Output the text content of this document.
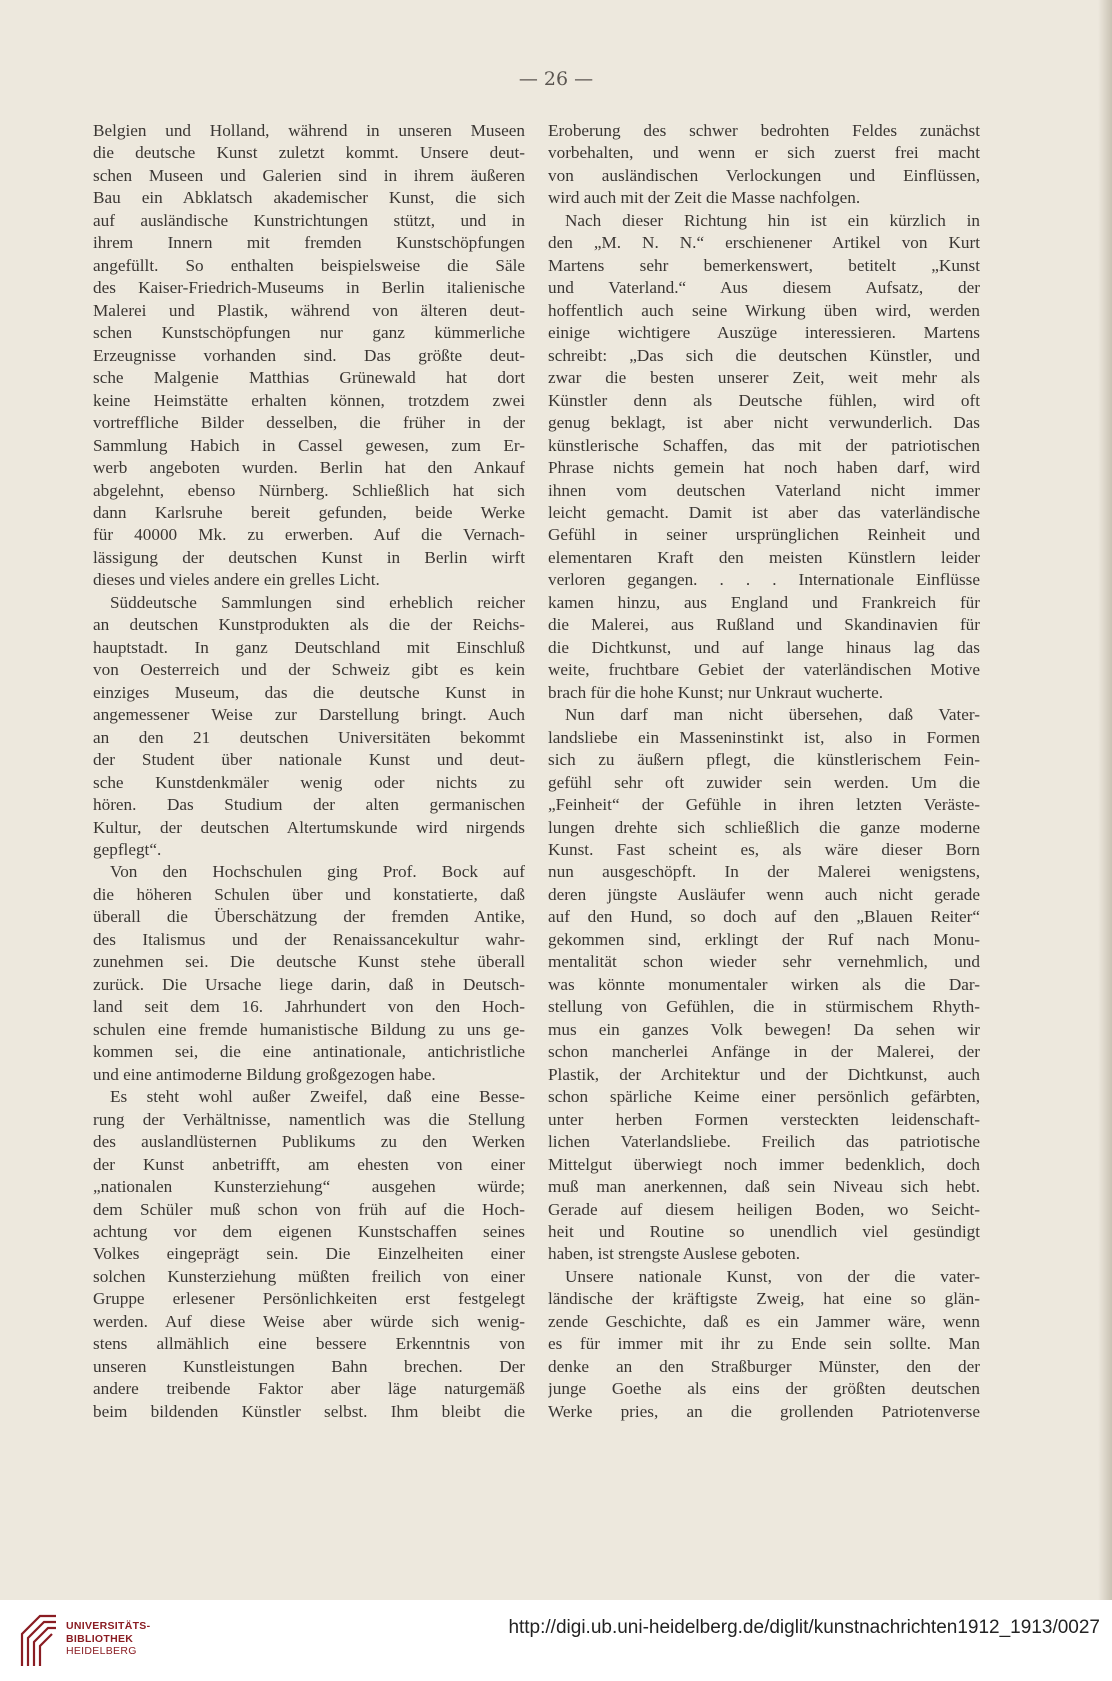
— 26 —
Belgien und Holland, während in unseren Museen
die deutsche Kunst zuletzt kommt. Unsere deut-
schen Museen und Galerien sind in ihrem äußeren
Bau ein Abklatsch akademischer Kunst, die sich
auf ausländische Kunstrichtungen stützt, und in
ihrem Innern mit fremden Kunstschöpfungen
angefüllt. So enthalten beispielsweise die Säle
des Kaiser-Friedrich-Museums in Berlin italienische
Malerei und Plastik, während von älteren deut-
schen Kunstschöpfungen nur ganz kümmerliche
Erzeugnisse vorhanden sind. Das größte deut-
sche Malgenie Matthias Grünewald hat dort
keine Heimstätte erhalten können, trotzdem zwei
vortreffliche Bilder desselben, die früher in der
Sammlung Habich in Cassel gewesen, zum Er-
werb angeboten wurden. Berlin hat den Ankauf
abgelehnt, ebenso Nürnberg. Schließlich hat sich
dann Karlsruhe bereit gefunden, beide Werke
für 40000 Mk. zu erwerben. Auf die Vernach-
lässigung der deutschen Kunst in Berlin wirft
dieses und vieles andere ein grelles Licht.
Süddeutsche Sammlungen sind erheblich reicher
an deutschen Kunstprodukten als die der Reichs-
hauptstadt. In ganz Deutschland mit Einschluß
von Oesterreich und der Schweiz gibt es kein
einziges Museum, das die deutsche Kunst in
angemessener Weise zur Darstellung bringt. Auch
an den 21 deutschen Universitäten bekommt
der Student über nationale Kunst und deut-
sche Kunstdenkmäler wenig oder nichts zu
hören. Das Studium der alten germanischen
Kultur, der deutschen Altertumskunde wird nirgends
gepflegt“.
Von den Hochschulen ging Prof. Bock auf
die höheren Schulen über und konstatierte, daß
überall die Überschätzung der fremden Antike,
des Italismus und der Renaissancekultur wahr-
zunehmen sei. Die deutsche Kunst stehe überall
zurück. Die Ursache liege darin, daß in Deutsch-
land seit dem 16. Jahrhundert von den Hoch-
schulen eine fremde humanistische Bildung zu uns ge-
kommen sei, die eine antinationale, antichristliche
und eine antimoderne Bildung großgezogen habe.
Es steht wohl außer Zweifel, daß eine Besse-
rung der Verhältnisse, namentlich was die Stellung
des auslandlüsternen Publikums zu den Werken
der Kunst anbetrifft, am ehesten von einer
„nationalen Kunsterziehung“ ausgehen würde;
dem Schüler muß schon von früh auf die Hoch-
achtung vor dem eigenen Kunstschaffen seines
Volkes eingeprägt sein. Die Einzelheiten einer
solchen Kunsterziehung müßten freilich von einer
Gruppe erlesener Persönlichkeiten erst festgelegt
werden. Auf diese Weise aber würde sich wenig-
stens allmählich eine bessere Erkenntnis von
unseren Kunstleistungen Bahn brechen. Der
andere treibende Faktor aber läge naturgemäß
beim bildenden Künstler selbst. Ihm bleibt die
Eroberung des schwer bedrohten Feldes zunächst
vorbehalten, und wenn er sich zuerst frei macht
von ausländischen Verlockungen und Einflüssen,
wird auch mit der Zeit die Masse nachfolgen.
Nach dieser Richtung hin ist ein kürzlich in
den „M. N. N.“ erschienener Artikel von Kurt
Martens sehr bemerkenswert, betitelt „Kunst
und Vaterland.“ Aus diesem Aufsatz, der
hoffentlich auch seine Wirkung üben wird, werden
einige wichtigere Auszüge interessieren. Martens
schreibt: „Das sich die deutschen Künstler, und
zwar die besten unserer Zeit, weit mehr als
Künstler denn als Deutsche fühlen, wird oft
genug beklagt, ist aber nicht verwunderlich. Das
künstlerische Schaffen, das mit der patriotischen
Phrase nichts gemein hat noch haben darf, wird
ihnen vom deutschen Vaterland nicht immer
leicht gemacht. Damit ist aber das vaterländische
Gefühl in seiner ursprünglichen Reinheit und
elementaren Kraft den meisten Künstlern leider
verloren gegangen. . . . Internationale Einflüsse
kamen hinzu, aus England und Frankreich für
die Malerei, aus Rußland und Skandinavien für
die Dichtkunst, und auf lange hinaus lag das
weite, fruchtbare Gebiet der vaterländischen Motive
brach für die hohe Kunst; nur Unkraut wucherte.
Nun darf man nicht übersehen, daß Vater-
landsliebe ein Masseninstinkt ist, also in Formen
sich zu äußern pflegt, die künstlerischem Fein-
gefühl sehr oft zuwider sein werden. Um die
„Feinheit“ der Gefühle in ihren letzten Veräste-
lungen drehte sich schließlich die ganze moderne
Kunst. Fast scheint es, als wäre dieser Born
nun ausgeschöpft. In der Malerei wenigstens,
deren jüngste Ausläufer wenn auch nicht gerade
auf den Hund, so doch auf den „Blauen Reiter“
gekommen sind, erklingt der Ruf nach Monu-
mentalität schon wieder sehr vernehmlich, und
was könnte monumentaler wirken als die Dar-
stellung von Gefühlen, die in stürmischem Rhyth-
mus ein ganzes Volk bewegen! Da sehen wir
schon mancherlei Anfänge in der Malerei, der
Plastik, der Architektur und der Dichtkunst, auch
schon spärliche Keime einer persönlich gefärbten,
unter herben Formen versteckten leidenschaft-
lichen Vaterlandsliebe. Freilich das patriotische
Mittelgut überwiegt noch immer bedenklich, doch
muß man anerkennen, daß sein Niveau sich hebt.
Gerade auf diesem heiligen Boden, wo Seicht-
heit und Routine so unendlich viel gesündigt
haben, ist strengste Auslese geboten.
Unsere nationale Kunst, von der die vater-
ländische der kräftigste Zweig, hat eine so glän-
zende Geschichte, daß es ein Jammer wäre, wenn
es für immer mit ihr zu Ende sein sollte. Man
denke an den Straßburger Münster, den der
junge Goethe als eins der größten deutschen
Werke pries, an die grollenden Patriotenverse
UNIVERSITÄTS-
BIBLIOTHEK
HEIDELBERG
http://digi.ub.uni-heidelberg.de/diglit/kunstnachrichten1912_1913/0027
